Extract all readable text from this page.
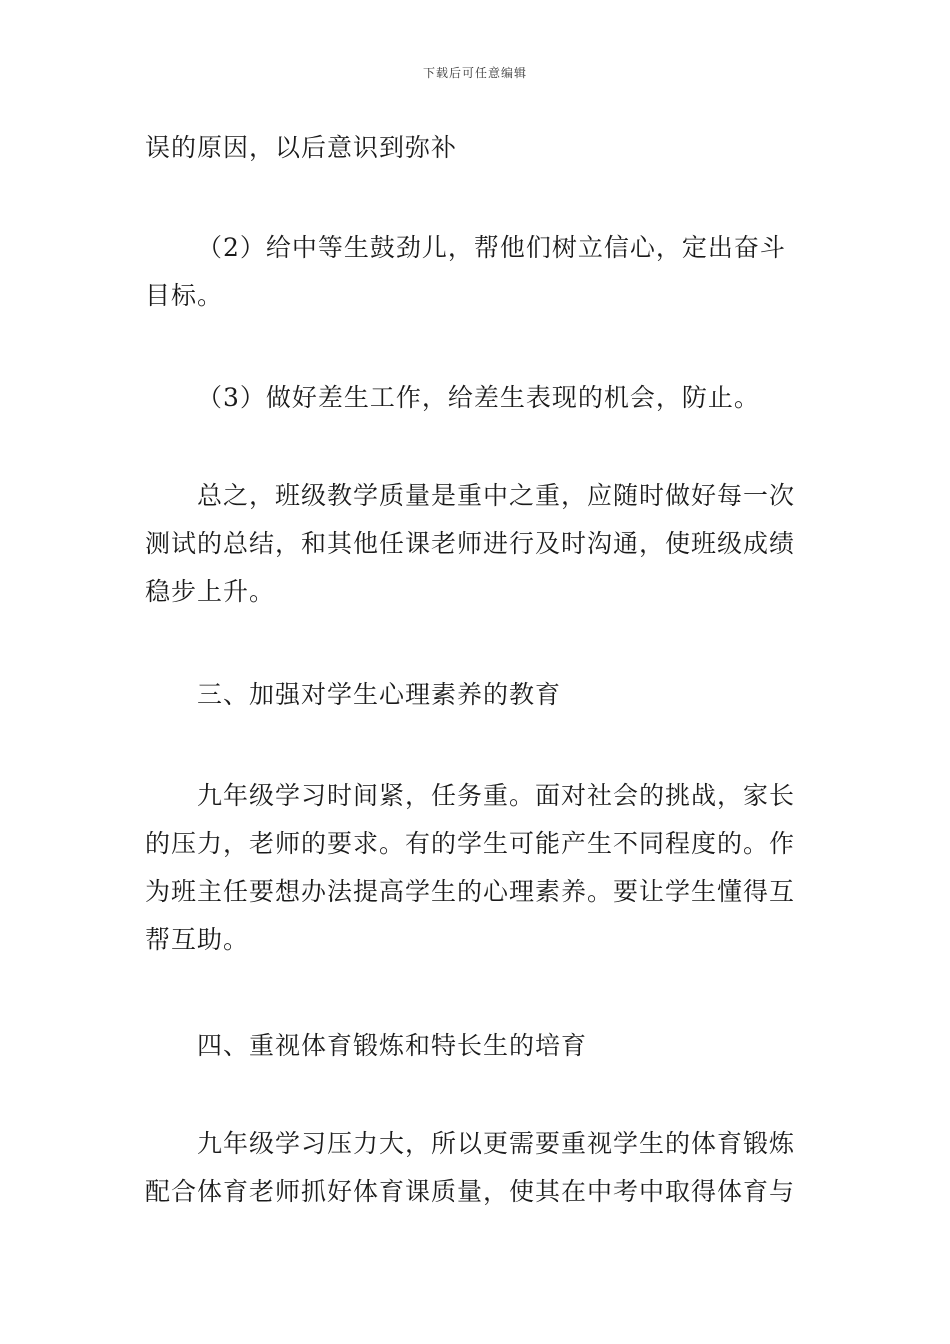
下载后可任意编辑

误的原因，以后意识到弥补

（2）给中等生鼓劲儿，帮他们树立信心，定出奋斗目标。

（3）做好差生工作，给差生表现的机会，防止。

总之，班级教学质量是重中之重，应随时做好每一次测试的总结，和其他任课老师进行及时沟通，使班级成绩稳步上升。

三、加强对学生心理素养的教育

九年级学习时间紧，任务重。面对社会的挑战，家长的压力，老师的要求。有的学生可能产生不同程度的。作为班主任要想办法提高学生的心理素养。要让学生懂得互帮互助。

四、重视体育锻炼和特长生的培育

九年级学习压力大，所以更需要重视学生的体育锻炼配合体育老师抓好体育课质量，使其在中考中取得体育与
